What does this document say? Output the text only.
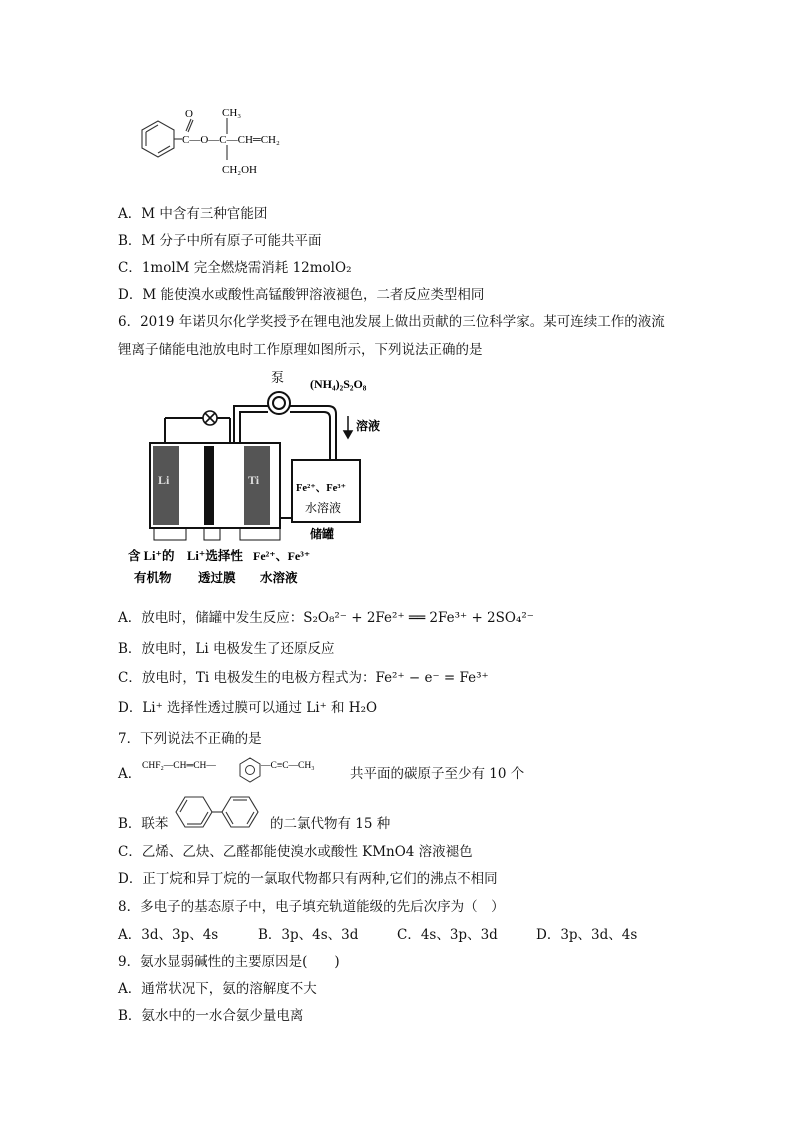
O	CH₃
C—O—C—CH═CH₂
CH₂OH
A．M 中含有三种官能团
B．M 分子中所有原子可能共平面
C．1molM 完全燃烧需消耗 12molO₂
D．M 能使溴水或酸性高锰酸钾溶液褪色，二者反应类型相同
6．2019 年诺贝尔化学奖授予在锂电池发展上做出贡献的三位科学家。某可连续工作的液流
锂离子储能电池放电时工作原理如图所示，下列说法正确的是
泵 (NH₄)₂S₂O₈
溶液
Li	Ti
Fe²⁺、Fe³⁺
水溶液
储罐
含 Li⁺的
有机物
Li⁺选择性
透过膜
Fe²⁺、Fe³⁺
水溶液
A．放电时，储罐中发生反应：S₂O₈²⁻ + 2Fe²⁺ ══ 2Fe³⁺ + 2SO₄²⁻
B．放电时，Li 电极发生了还原反应
C．放电时，Ti 电极发生的电极方程式为：Fe²⁺ − e⁻ = Fe³⁺
D．Li⁺ 选择性透过膜可以通过 Li⁺ 和 H₂O
7．下列说法不正确的是
A． CHF₂—CH═CH—	—C≡C—CH₃	共平面的碳原子至少有 10 个
B．联苯	的二氯代物有 15 种
C．乙烯、乙炔、乙醛都能使溴水或酸性 KMnO4 溶液褪色
D．正丁烷和异丁烷的一氯取代物都只有两种,它们的沸点不相同
8．多电子的基态原子中，电子填充轨道能级的先后次序为（　）
A．3d、3p、4s	B．3p、4s、3d	C．4s、3p、3d	D．3p、3d、4s
9．氨水显弱碱性的主要原因是(　　)
A．通常状况下，氨的溶解度不大
B．氨水中的一水合氨少量电离
